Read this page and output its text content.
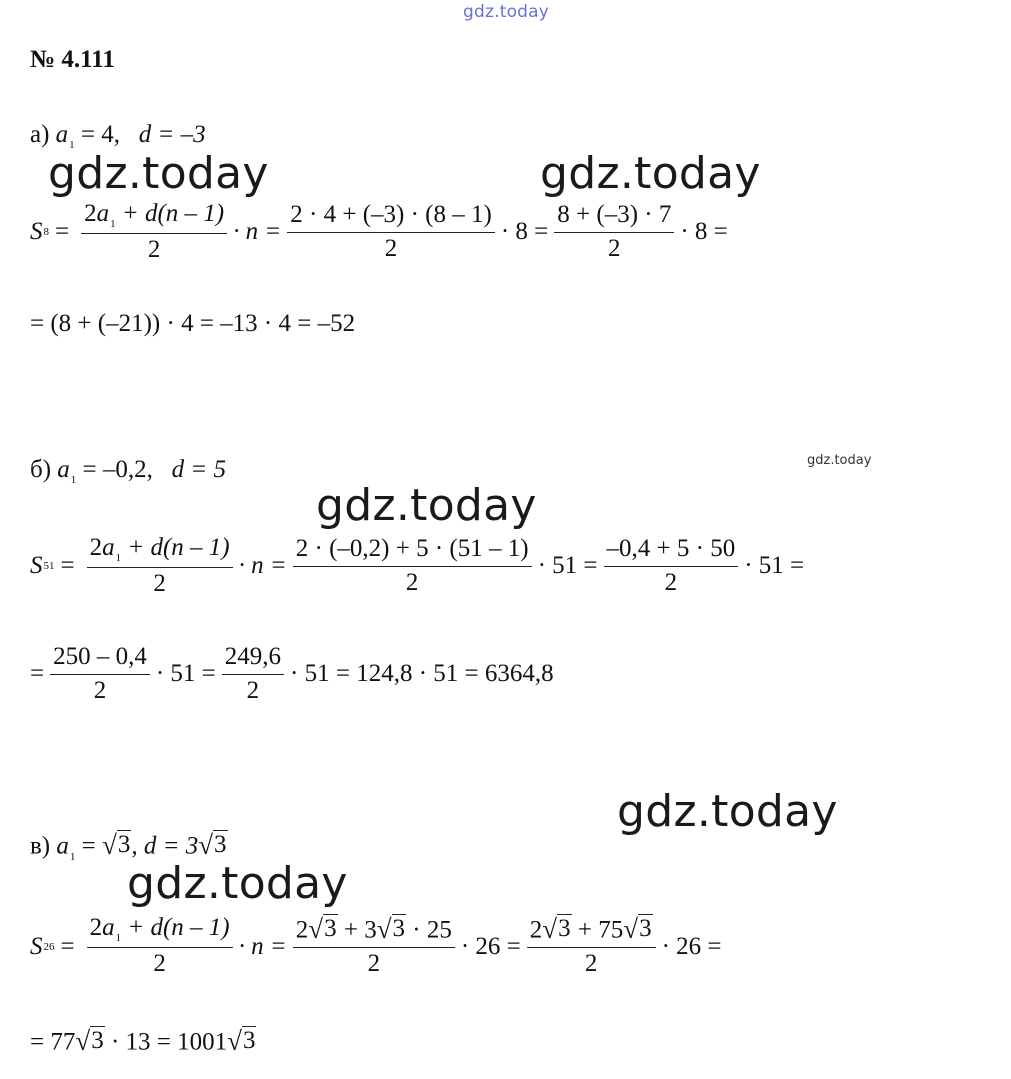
gdz.today
gdz.today	gdz.today
gdz.today
gdz.today
gdz.today
gdz.today
№ 4.111
а) $a_1 = 4$, d = –3
S $8 = \frac{2a_1 + d(n - 1)}{2} \cdot n = \frac{2 \cdot 4 + (-3) \cdot (8 - 1)}{2} \cdot 8 = \frac{8 + (-3) \cdot 7}{2} \cdot 8$ =
= (8 + (–21)) · 4 = –13 · 4 = –52
б) $a_1 = -0,2$, d = 5
S $51 = \frac{2a_1 + d(n - 1)}{2} \cdot n = \frac{2 \cdot (-0,2) + 5 \cdot (51 - 1)}{2} \cdot 51 = \frac{-0,4 + 5 \cdot 50}{2} \cdot 51$ =
= $\frac{250 - 0,4}{2} \cdot 51 = \frac{249,6}{2} \cdot 51 = 124,8 \cdot 51 = 6364,8$
в) $a_1$ = √ 3 , d = 3 √ 3
S $26 = \frac{2a_1 + d(n - 1)}{2} \cdot n = \frac{2 √ 3 + 3 √ 3 \cdot 25}{2} \cdot 26 = \frac{2 √ 3 + 75 √ 3}{2} \cdot 26$ =
= 77 √ 3 · 13 = 1001 √ 3
